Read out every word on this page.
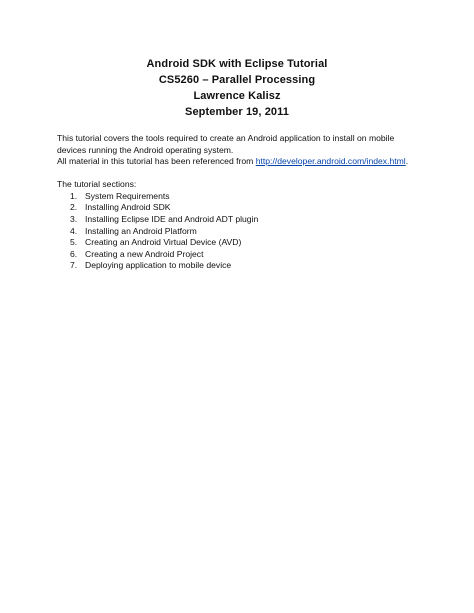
Android SDK with Eclipse Tutorial
CS5260 – Parallel Processing
Lawrence Kalisz
September 19, 2011

This tutorial covers the tools required to create an Android application to install on mobile
devices running the Android operating system.
All material in this tutorial has been referenced from http://developer.android.com/index.html.

The tutorial sections:

1. System Requirements
2. Installing Android SDK
3. Installing Eclipse IDE and Android ADT plugin
4. Installing an Android Platform
5. Creating an Android Virtual Device (AVD)
6. Creating a new Android Project
7. Deploying application to mobile device
